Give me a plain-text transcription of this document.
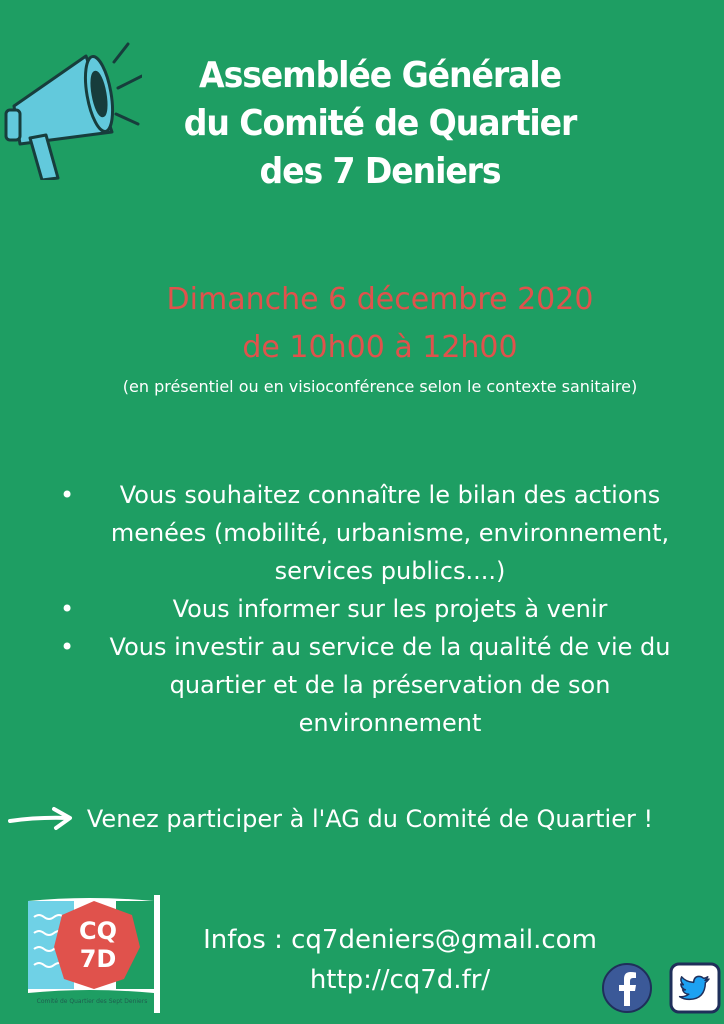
Assemblée Générale
du Comité de Quartier
des 7 Deniers
Dimanche 6 décembre 2020
de 10h00 à 12h00
(en présentiel ou en visioconférence selon le contexte sanitaire)
• Vous souhaitez connaître le bilan des actions menées (mobilité, urbanisme, environnement, services publics....)
•	Vous informer sur les projets à venir
• Vous investir au service de la qualité de vie du quartier et de la préservation de son environnement
Venez participer à l'AG du Comité de Quartier !
CQ
7D
Comité de Quartier des Sept Deniers
Infos : cq7deniers@gmail.com
http://cq7d.fr/
